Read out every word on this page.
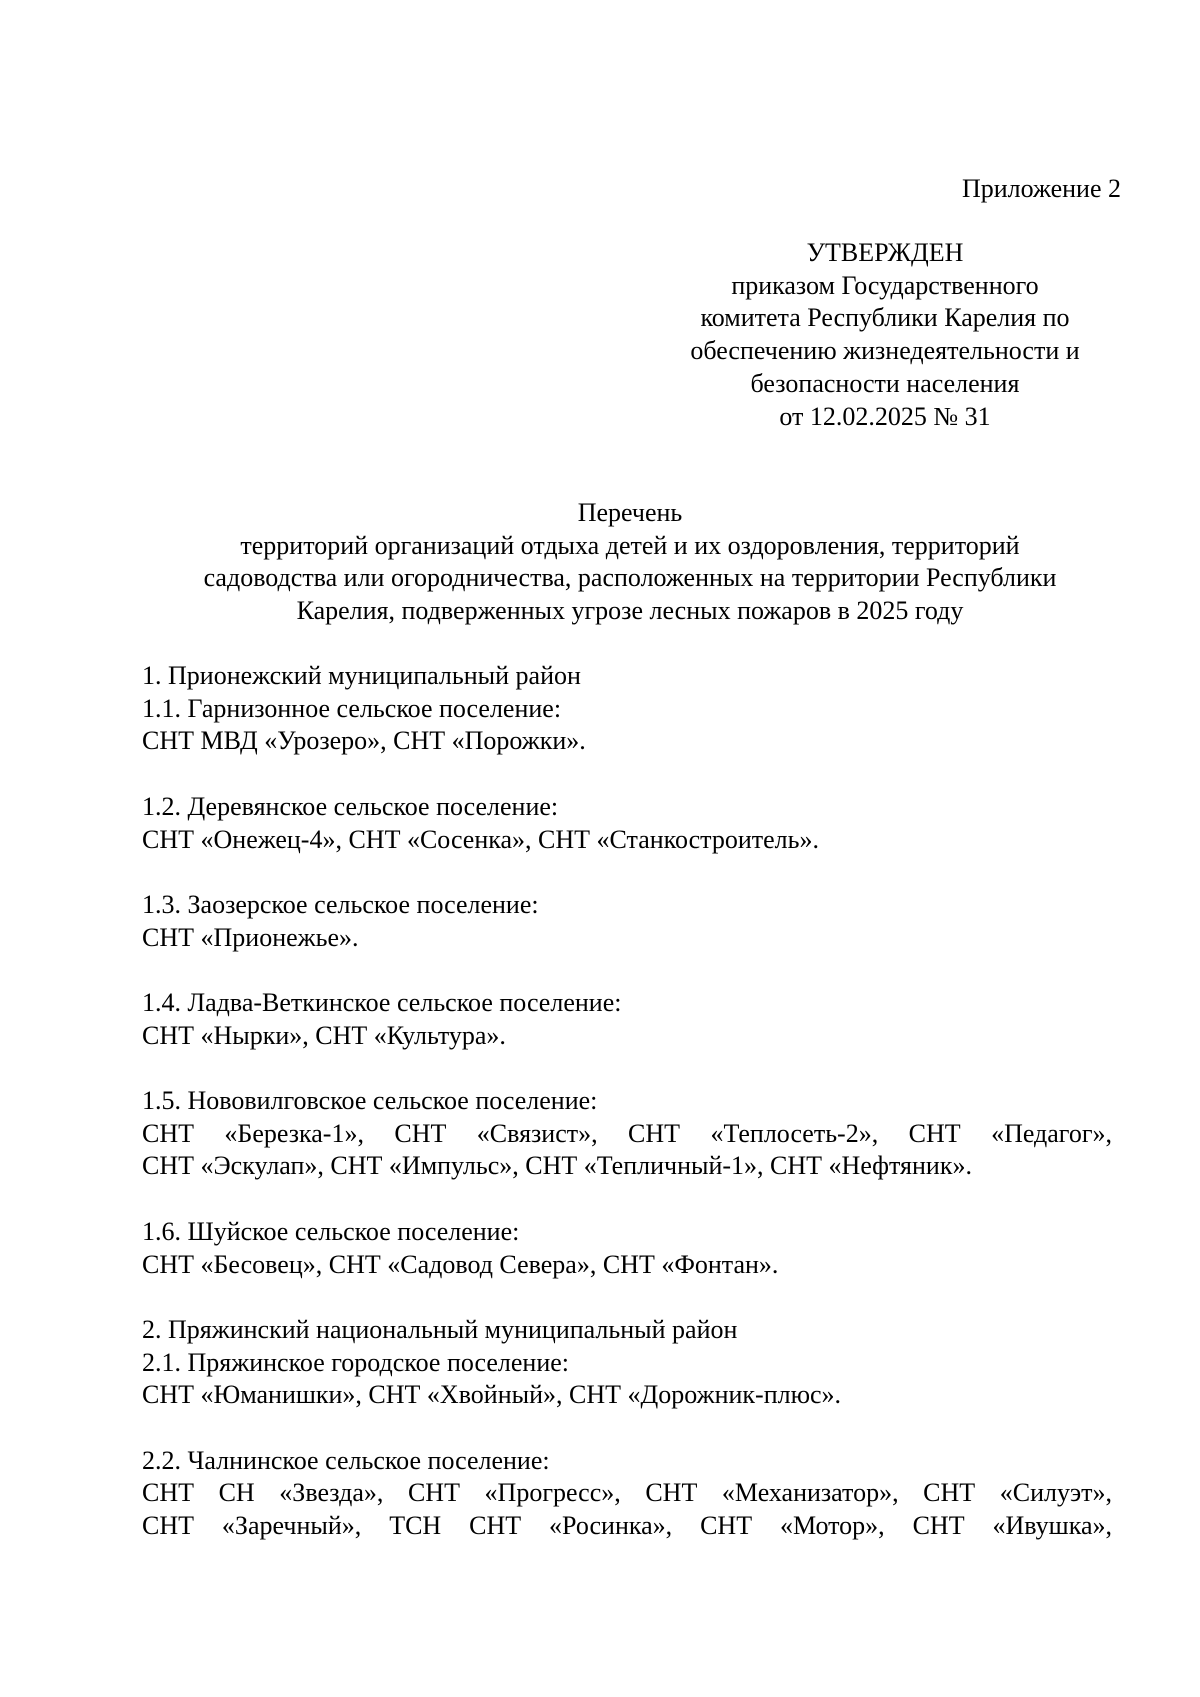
Приложение 2
УТВЕРЖДЕН
приказом Государственного
комитета Республики Карелия по
обеспечению жизнедеятельности и
безопасности населения
от 12.02.2025 № 31
Перечень
территорий организаций отдыха детей и их оздоровления, территорий
садоводства или огородничества, расположенных на территории Республики
Карелия, подверженных угрозе лесных пожаров в 2025 году
1. Прионежский муниципальный район
1.1. Гарнизонное сельское поселение:
СНТ МВД «Урозеро», СНТ «Порожки».
1.2. Деревянское сельское поселение:
СНТ «Онежец-4», СНТ «Сосенка», СНТ «Станкостроитель».
1.3. Заозерское сельское поселение:
СНТ «Прионежье».
1.4. Ладва-Веткинское сельское поселение:
СНТ «Нырки», СНТ «Культура».
1.5. Нововилговское сельское поселение:
СНТ «Березка-1», СНТ «Связист», СНТ «Теплосеть-2», СНТ «Педагог»,
СНТ «Эскулап», СНТ «Импульс», СНТ «Тепличный-1», СНТ «Нефтяник».
1.6. Шуйское сельское поселение:
СНТ «Бесовец», СНТ «Садовод Севера», СНТ «Фонтан».
2. Пряжинский национальный муниципальный район
2.1. Пряжинское городское поселение:
СНТ «Юманишки», СНТ «Хвойный», СНТ «Дорожник-плюс».
2.2. Чалнинское сельское поселение:
СНТ СН «Звезда», СНТ «Прогресс», СНТ «Механизатор», СНТ «Силуэт»,
СНТ «Заречный», ТСН СНТ «Росинка», СНТ «Мотор», СНТ «Ивушка»,
